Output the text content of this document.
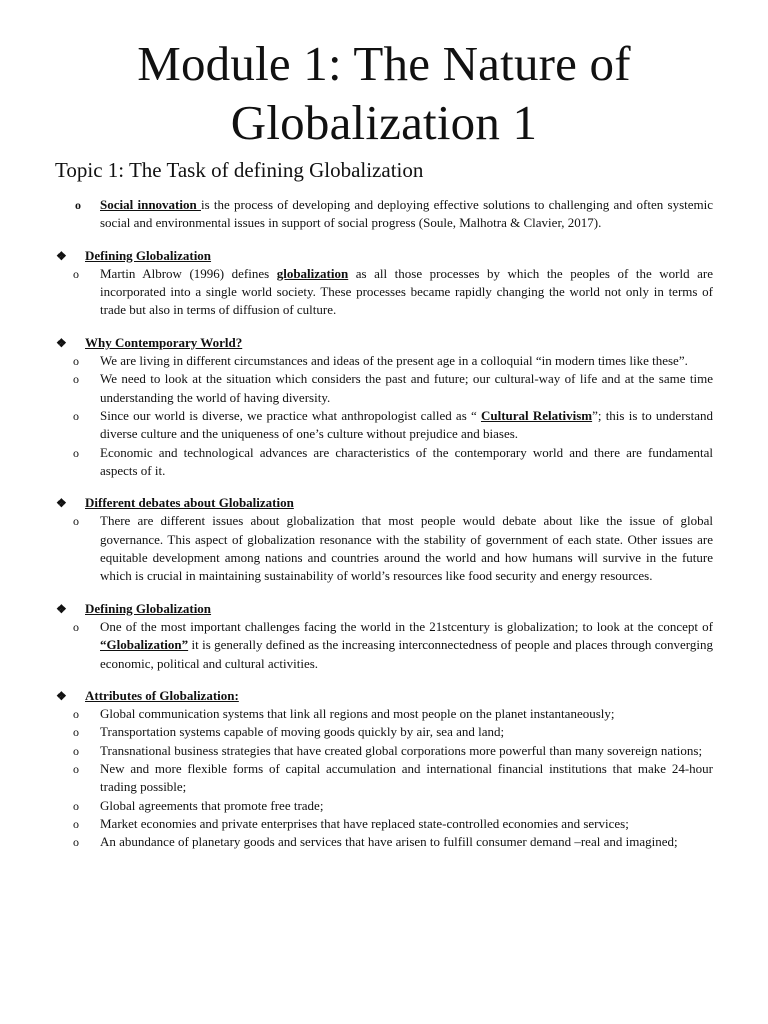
Module 1: The Nature of
Globalization 1
Topic 1: The Task of defining Globalization
o	Social innovation is the process of developing and deploying effective solutions to challenging and often systemic social and environmental issues in support of social progress (Soule, Malhotra & Clavier, 2017).
❖	Defining Globalization
o	Martin Albrow (1996) defines globalization as all those processes by which the peoples of the world are incorporated into a single world society. These processes became rapidly changing the world not only in terms of trade but also in terms of diffusion of culture.
❖	Why Contemporary World?
o	We are living in different circumstances and ideas of the present age in a colloquial “in modern times like these”.
o	We need to look at the situation which considers the past and future; our cultural-way of life and at the same time understanding the world of having diversity.
o	Since our world is diverse, we practice what anthropologist called as “ Cultural Relativism”; this is to understand diverse culture and the uniqueness of one’s culture without prejudice and biases.
o	Economic and technological advances are characteristics of the contemporary world and there are fundamental aspects of it.
❖	Different debates about Globalization
o	There are different issues about globalization that most people would debate about like the issue of global governance. This aspect of globalization resonance with the stability of government of each state. Other issues are equitable development among nations and countries around the world and how humans will survive in the future which is crucial in maintaining sustainability of world’s resources like food security and energy resources.
❖	Defining Globalization
o	One of the most important challenges facing the world in the 21stcentury is globalization; to look at the concept of “Globalization” it is generally defined as the increasing interconnectedness of people and places through converging economic, political and cultural activities.
❖	Attributes of Globalization:
o	Global communication systems that link all regions and most people on the planet instantaneously;
o	Transportation systems capable of moving goods quickly by air, sea and land;
o	Transnational business strategies that have created global corporations more powerful than many sovereign nations;
o	New and more flexible forms of capital accumulation and international financial institutions that make 24-hour trading possible;
o	Global agreements that promote free trade;
o	Market economies and private enterprises that have replaced state-controlled economies and services;
o	An abundance of planetary goods and services that have arisen to fulfill consumer demand –real and imagined;
